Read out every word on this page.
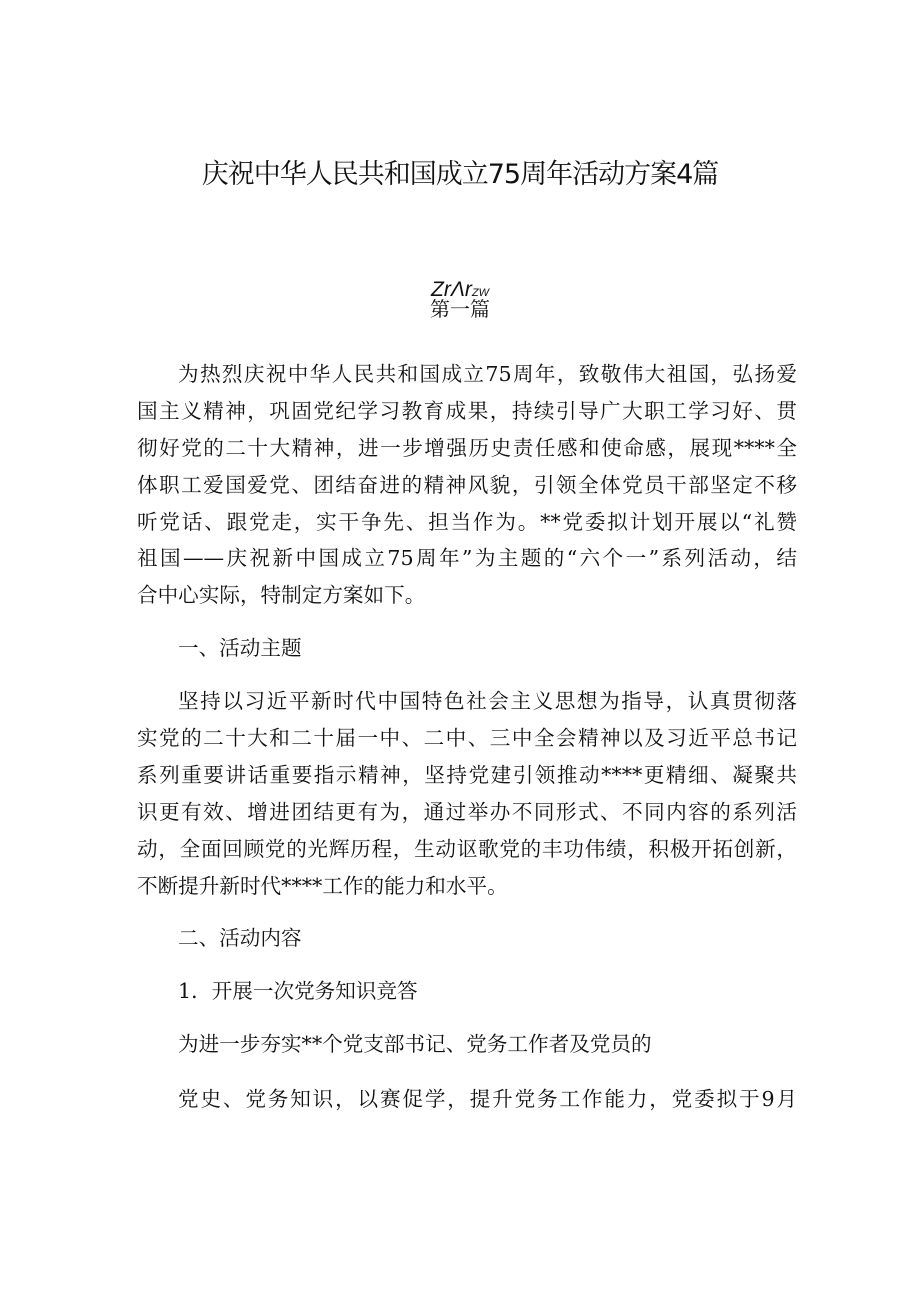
庆祝中华人民共和国成立75周年活动方案4篇
ZrΛrZW
第一篇
为热烈庆祝中华人民共和国成立75周年，致敬伟大祖国，弘扬爱
国主义精神，巩固党纪学习教育成果，持续引导广大职工学习好、贯
彻好党的二十大精神，进一步增强历史责任感和使命感，展现****全
体职工爱国爱党、团结奋进的精神风貌，引领全体党员干部坚定不移
听党话、跟党走，实干争先、担当作为。**党委拟计划开展以“礼赞
祖国——庆祝新中国成立75周年”为主题的“六个一”系列活动，结
合中心实际，特制定方案如下。
一、活动主题
坚持以习近平新时代中国特色社会主义思想为指导，认真贯彻落
实党的二十大和二十届一中、二中、三中全会精神以及习近平总书记
系列重要讲话重要指示精神，坚持党建引领推动****更精细、凝聚共
识更有效、增进团结更有为，通过举办不同形式、不同内容的系列活
动，全面回顾党的光辉历程，生动讴歌党的丰功伟绩，积极开拓创新，
不断提升新时代****工作的能力和水平。
二、活动内容
1．开展一次党务知识竞答
为进一步夯实**个党支部书记、党务工作者及党员的
党史、党务知识，以赛促学，提升党务工作能力，党委拟于9月
